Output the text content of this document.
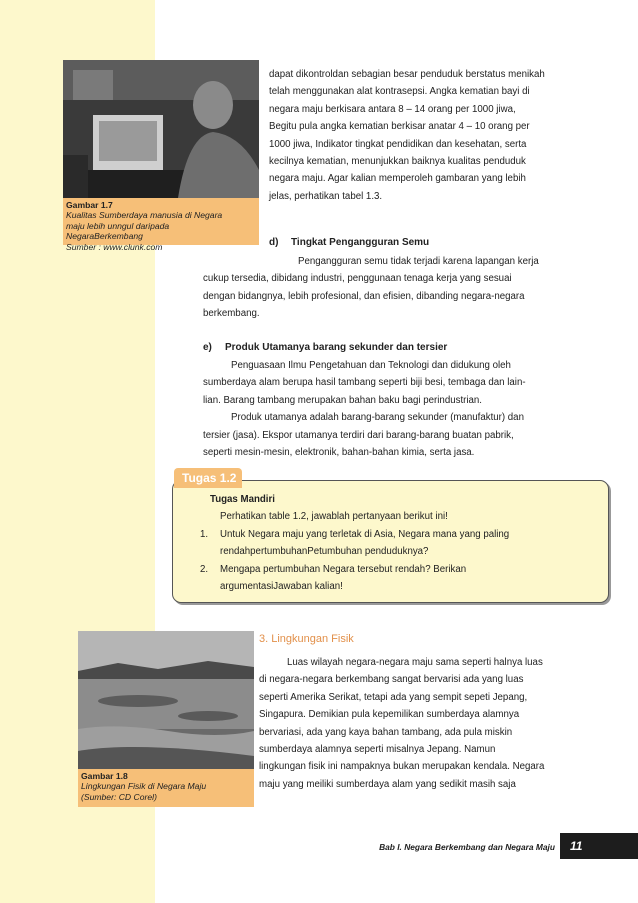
Gambar 1.7
Kualitas Sumberdaya manusia di Negara
maju lebih unngul daripada
NegaraBerkembang
Sumber : www.clunk.com

dapat dikontroldan sebagian besar penduduk berstatus menikah

telah menggunakan alat kontrasepsi. Angka kematian bayi di

negara maju berkisara antara 8 – 14 orang per 1000 jiwa,

Begitu pula angka kematian berkisar anatar 4 – 10 orang per

1000 jiwa, Indikator tingkat pendidikan dan kesehatan, serta

kecilnya kematian, menunjukkan baiknya kualitas penduduk

negara maju. Agar kalian memperoleh gambaran yang lebih

jelas, perhatikan tabel 1.3.

d) Tingkat Pengangguran Semu

Pengangguran semu tidak terjadi karena lapangan kerja

cukup tersedia, dibidang industri, penggunaan tenaga kerja yang sesuai

dengan bidangnya, lebih profesional, dan efisien, dibanding negara-negara

berkembang.

e) Produk Utamanya barang sekunder dan tersier

Penguasaan Ilmu Pengetahuan dan Teknologi dan didukung oleh

sumberdaya alam berupa hasil tambang seperti biji besi, tembaga dan lain-

lian. Barang tambang merupakan bahan baku bagi perindustrian.

Produk utamanya adalah barang-barang sekunder (manufaktur) dan

tersier (jasa). Ekspor utamanya terdiri dari barang-barang buatan pabrik,

seperti mesin-mesin, elektronik, bahan-bahan kimia, serta jasa.

Tugas 1.2
Tugas Mandiri
Perhatikan table 1.2, jawablah pertanyaan berikut ini!
1.	Untuk Negara maju yang terletak di Asia, Negara mana yang paling
rendahpertumbuhanPetumbuhan penduduknya?
2.	Mengapa pertumbuhan Negara tersebut rendah? Berikan
argumentasiJawaban kalian!
Gambar 1.8
Lingkungan Fisik di Negara Maju
(Sumber: CD Corel)
3. Lingkungan Fisik

Luas wilayah negara-negara maju sama seperti halnya luas

di negara-negara berkembang sangat bervarisi ada yang luas

seperti Amerika Serikat, tetapi ada yang sempit sepeti Jepang,

Singapura. Demikian pula kepemilikan sumberdaya alamnya

bervariasi, ada yang kaya bahan tambang, ada pula miskin

sumberdaya alamnya seperti misalnya Jepang. Namun

lingkungan fisik ini nampaknya bukan merupakan kendala. Negara

maju yang meiliki sumberdaya alam yang sedikit masih saja

Bab I. Negara Berkembang dan Negara Maju	11
